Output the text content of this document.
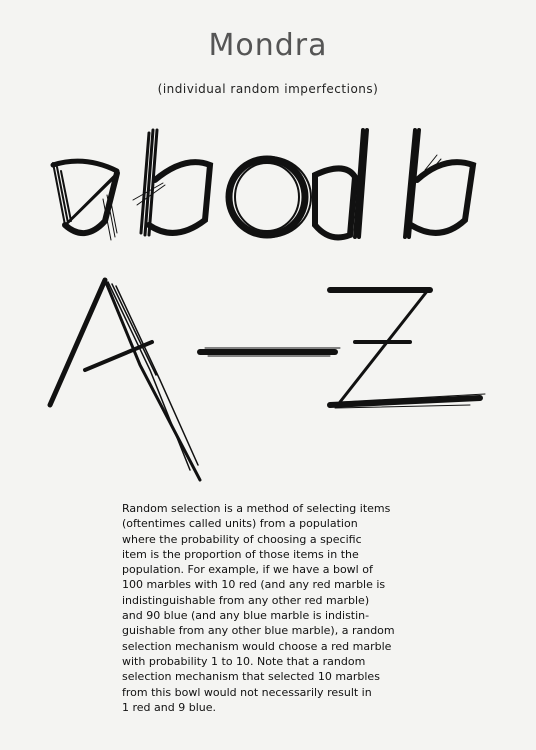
Mondra
(individual random imperfections)
Random selection is a method of selecting items
(oftentimes called units) from a population
where the probability of choosing a specific
item is the proportion of those items in the
population. For example, if we have a bowl of
100 marbles with 10 red (and any red marble is
indistinguishable from any other red marble)
and 90 blue (and any blue marble is indistin-
guishable from any other blue marble), a random
selection mechanism would choose a red marble
with probability 1 to 10. Note that a random
selection mechanism that selected 10 marbles
from this bowl would not necessarily result in
1 red and 9 blue.
